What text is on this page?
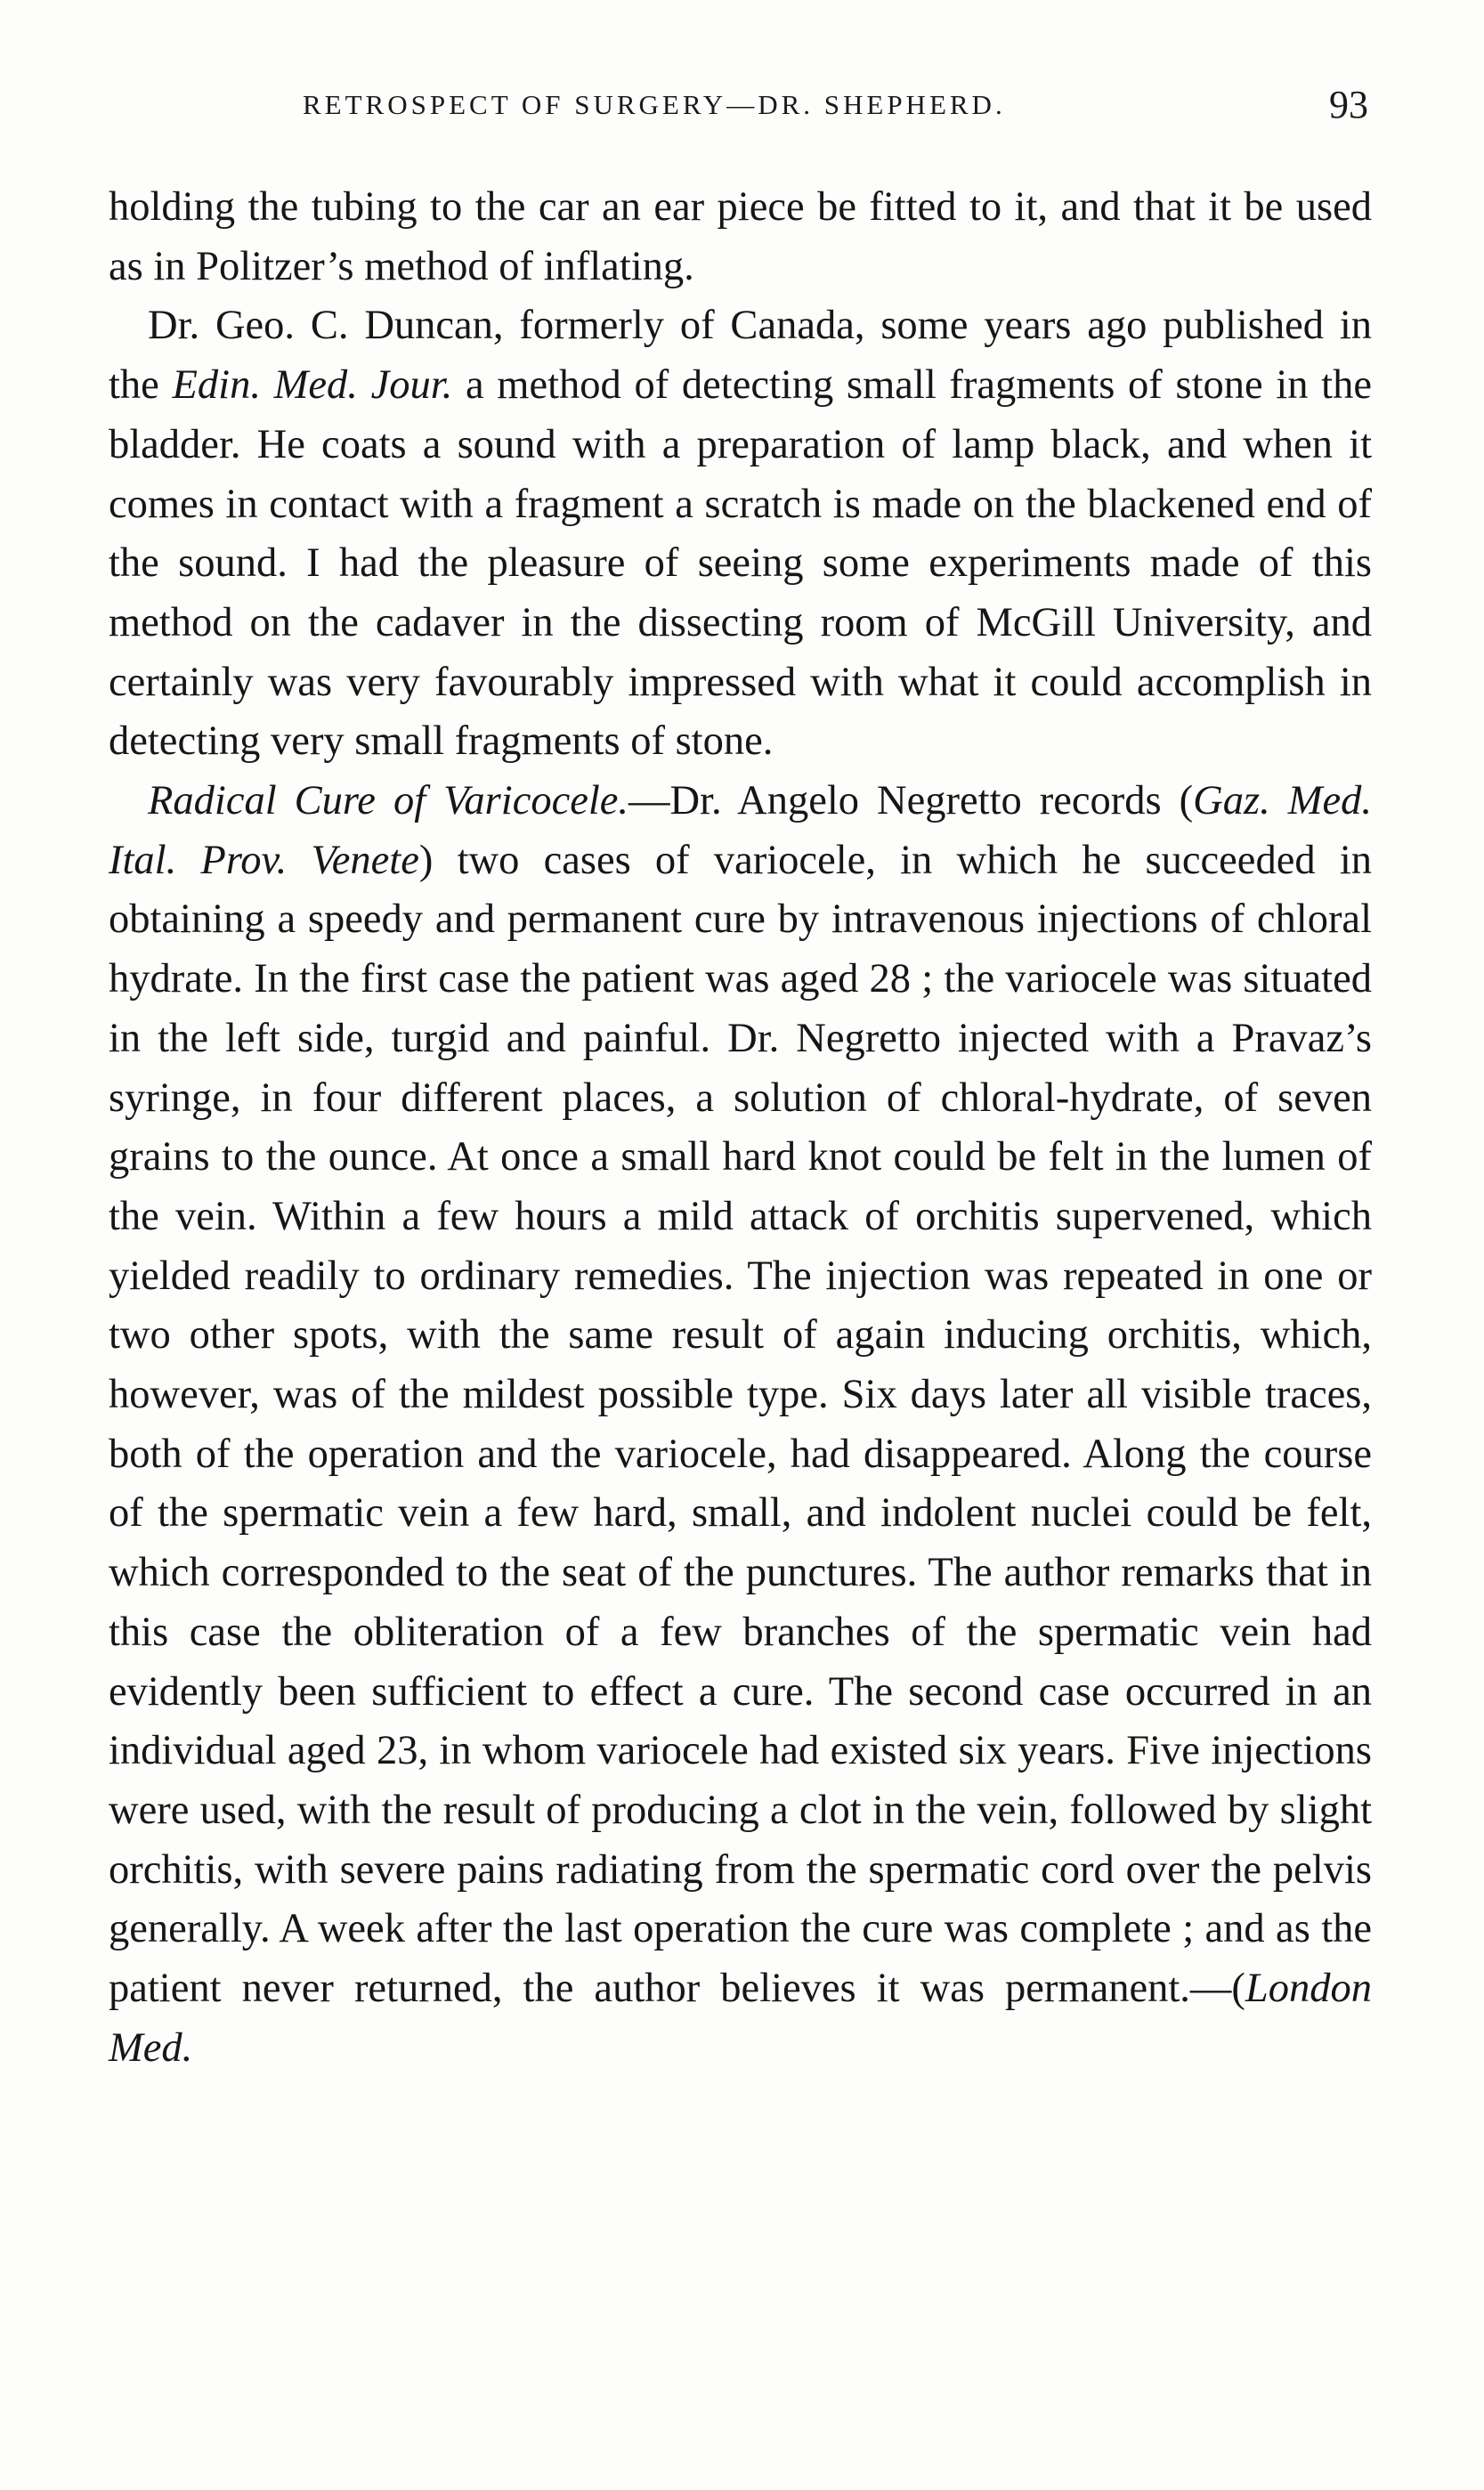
RETROSPECT OF SURGERY—DR. SHEPHERD.	93

holding the tubing to the car an ear piece be fitted to it, and that it be used as in Politzer’s method of inflating.

Dr. Geo. C. Duncan, formerly of Canada, some years ago published in the Edin. Med. Jour. a method of detecting small fragments of stone in the bladder. He coats a sound with a preparation of lamp black, and when it comes in contact with a fragment a scratch is made on the blackened end of the sound. I had the pleasure of seeing some experiments made of this method on the cadaver in the dissecting room of McGill University, and certainly was very favourably impressed with what it could accomplish in detecting very small fragments of stone.

Radical Cure of Varicocele.—Dr. Angelo Negretto records (Gaz. Med. Ital. Prov. Venete) two cases of variocele, in which he succeeded in obtaining a speedy and permanent cure by intravenous injections of chloral hydrate. In the first case the patient was aged 28 ; the variocele was situated in the left side, turgid and painful. Dr. Negretto injected with a Pravaz’s syringe, in four different places, a solution of chloral-hydrate, of seven grains to the ounce. At once a small hard knot could be felt in the lumen of the vein. Within a few hours a mild attack of orchitis supervened, which yielded readily to ordinary remedies. The injection was repeated in one or two other spots, with the same result of again inducing orchitis, which, however, was of the mildest possible type. Six days later all visible traces, both of the operation and the variocele, had disappeared. Along the course of the spermatic vein a few hard, small, and indolent nuclei could be felt, which corresponded to the seat of the punctures. The author remarks that in this case the obliteration of a few branches of the spermatic vein had evidently been sufficient to effect a cure. The second case occurred in an individual aged 23, in whom variocele had existed six years. Five injections were used, with the result of producing a clot in the vein, followed by slight orchitis, with severe pains radiating from the spermatic cord over the pelvis generally. A week after the last operation the cure was complete ; and as the patient never returned, the author believes it was permanent.—(London Med.
